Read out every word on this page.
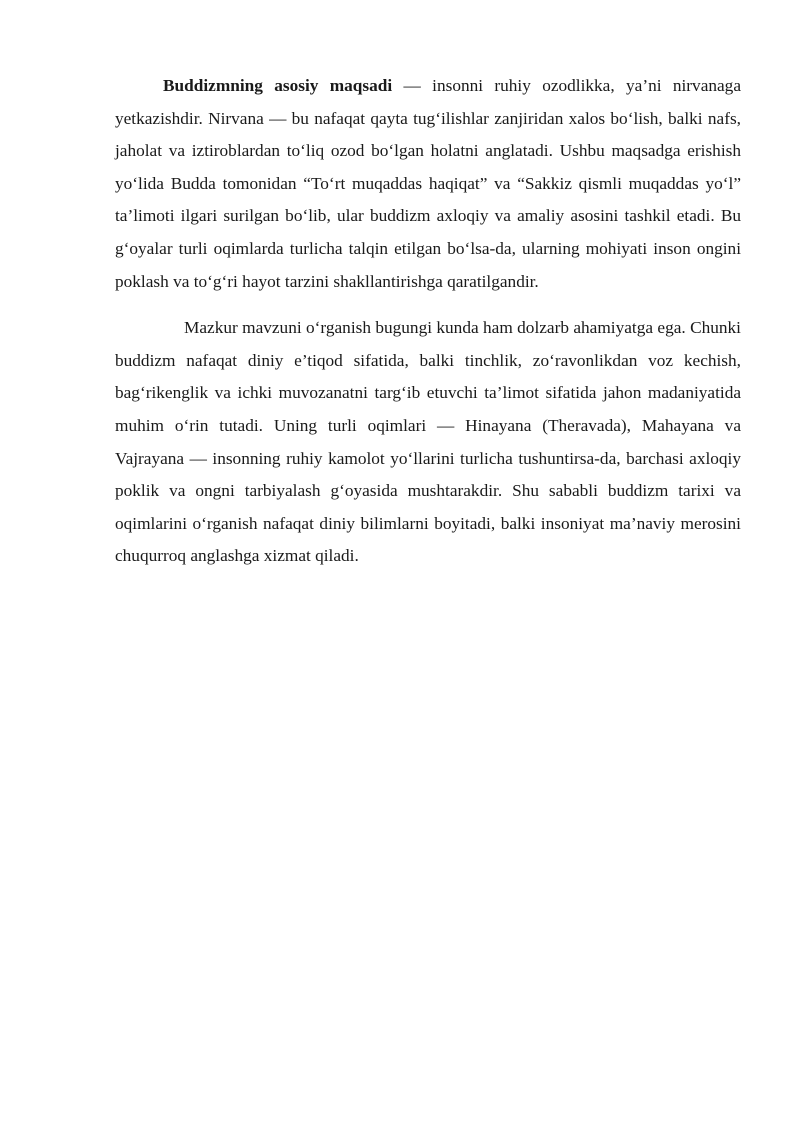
Buddizmning asosiy maqsadi — insonni ruhiy ozodlikka, ya’ni nirvanaga yetkazishdir. Nirvana — bu nafaqat qayta tug‘ilishlar zanjiridan xalos bo‘lish, balki nafs, jaholat va iztiroblardan to‘liq ozod bo‘lgan holatni anglatadi. Ushbu maqsadga erishish yo‘lida Budda tomonidan “To‘rt muqaddas haqiqat” va “Sakkiz qismli muqaddas yo‘l” ta’limoti ilgari surilgan bo‘lib, ular buddizm axloqiy va amaliy asosini tashkil etadi. Bu g‘oyalar turli oqimlarda turlicha talqin etilgan bo‘lsa-da, ularning mohiyati inson ongini poklash va to‘g‘ri hayot tarzini shakllantirishga qaratilgandir.

Mazkur mavzuni o‘rganish bugungi kunda ham dolzarb ahamiyatga ega. Chunki buddizm nafaqat diniy e’tiqod sifatida, balki tinchlik, zo‘ravonlikdan voz kechish, bag‘rikenglik va ichki muvozanatni targ‘ib etuvchi ta’limot sifatida jahon madaniyatida muhim o‘rin tutadi. Uning turli oqimlari — Hinayana (Theravada), Mahayana va Vajrayana — insonning ruhiy kamolot yo‘llarini turlicha tushuntirsa-da, barchasi axloqiy poklik va ongni tarbiyalash g‘oyasida mushtarakdir. Shu sababli buddizm tarixi va oqimlarini o‘rganish nafaqat diniy bilimlarni boyitadi, balki insoniyat ma’naviy merosini chuqurroq anglashga xizmat qiladi.
